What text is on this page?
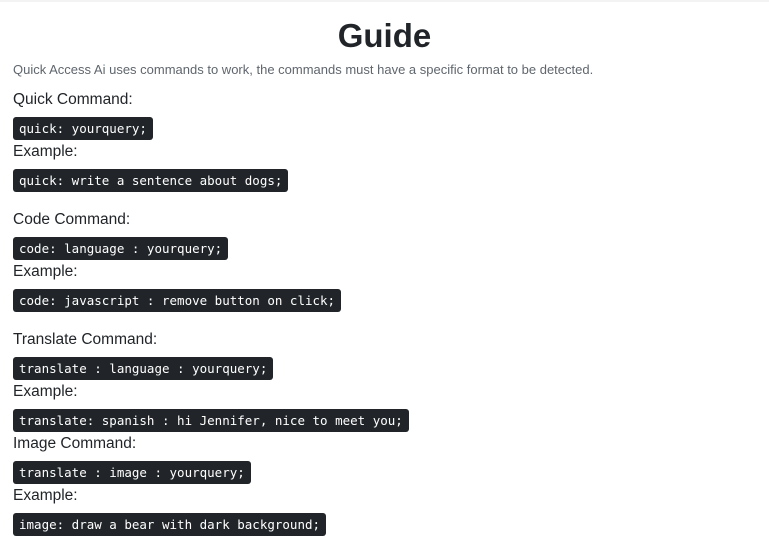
Guide

Quick Access Ai uses commands to work, the commands must have a specific format to be detected.

Quick Command:
quick: yourquery;
Example:
quick: write a sentence about dogs;
Code Command:
code: language : yourquery;
Example:
code: javascript : remove button on click;
Translate Command:
translate : language : yourquery;
Example:
translate: spanish : hi Jennifer, nice to meet you;
Image Command:
translate : image : yourquery;
Example:
image: draw a bear with dark background;
